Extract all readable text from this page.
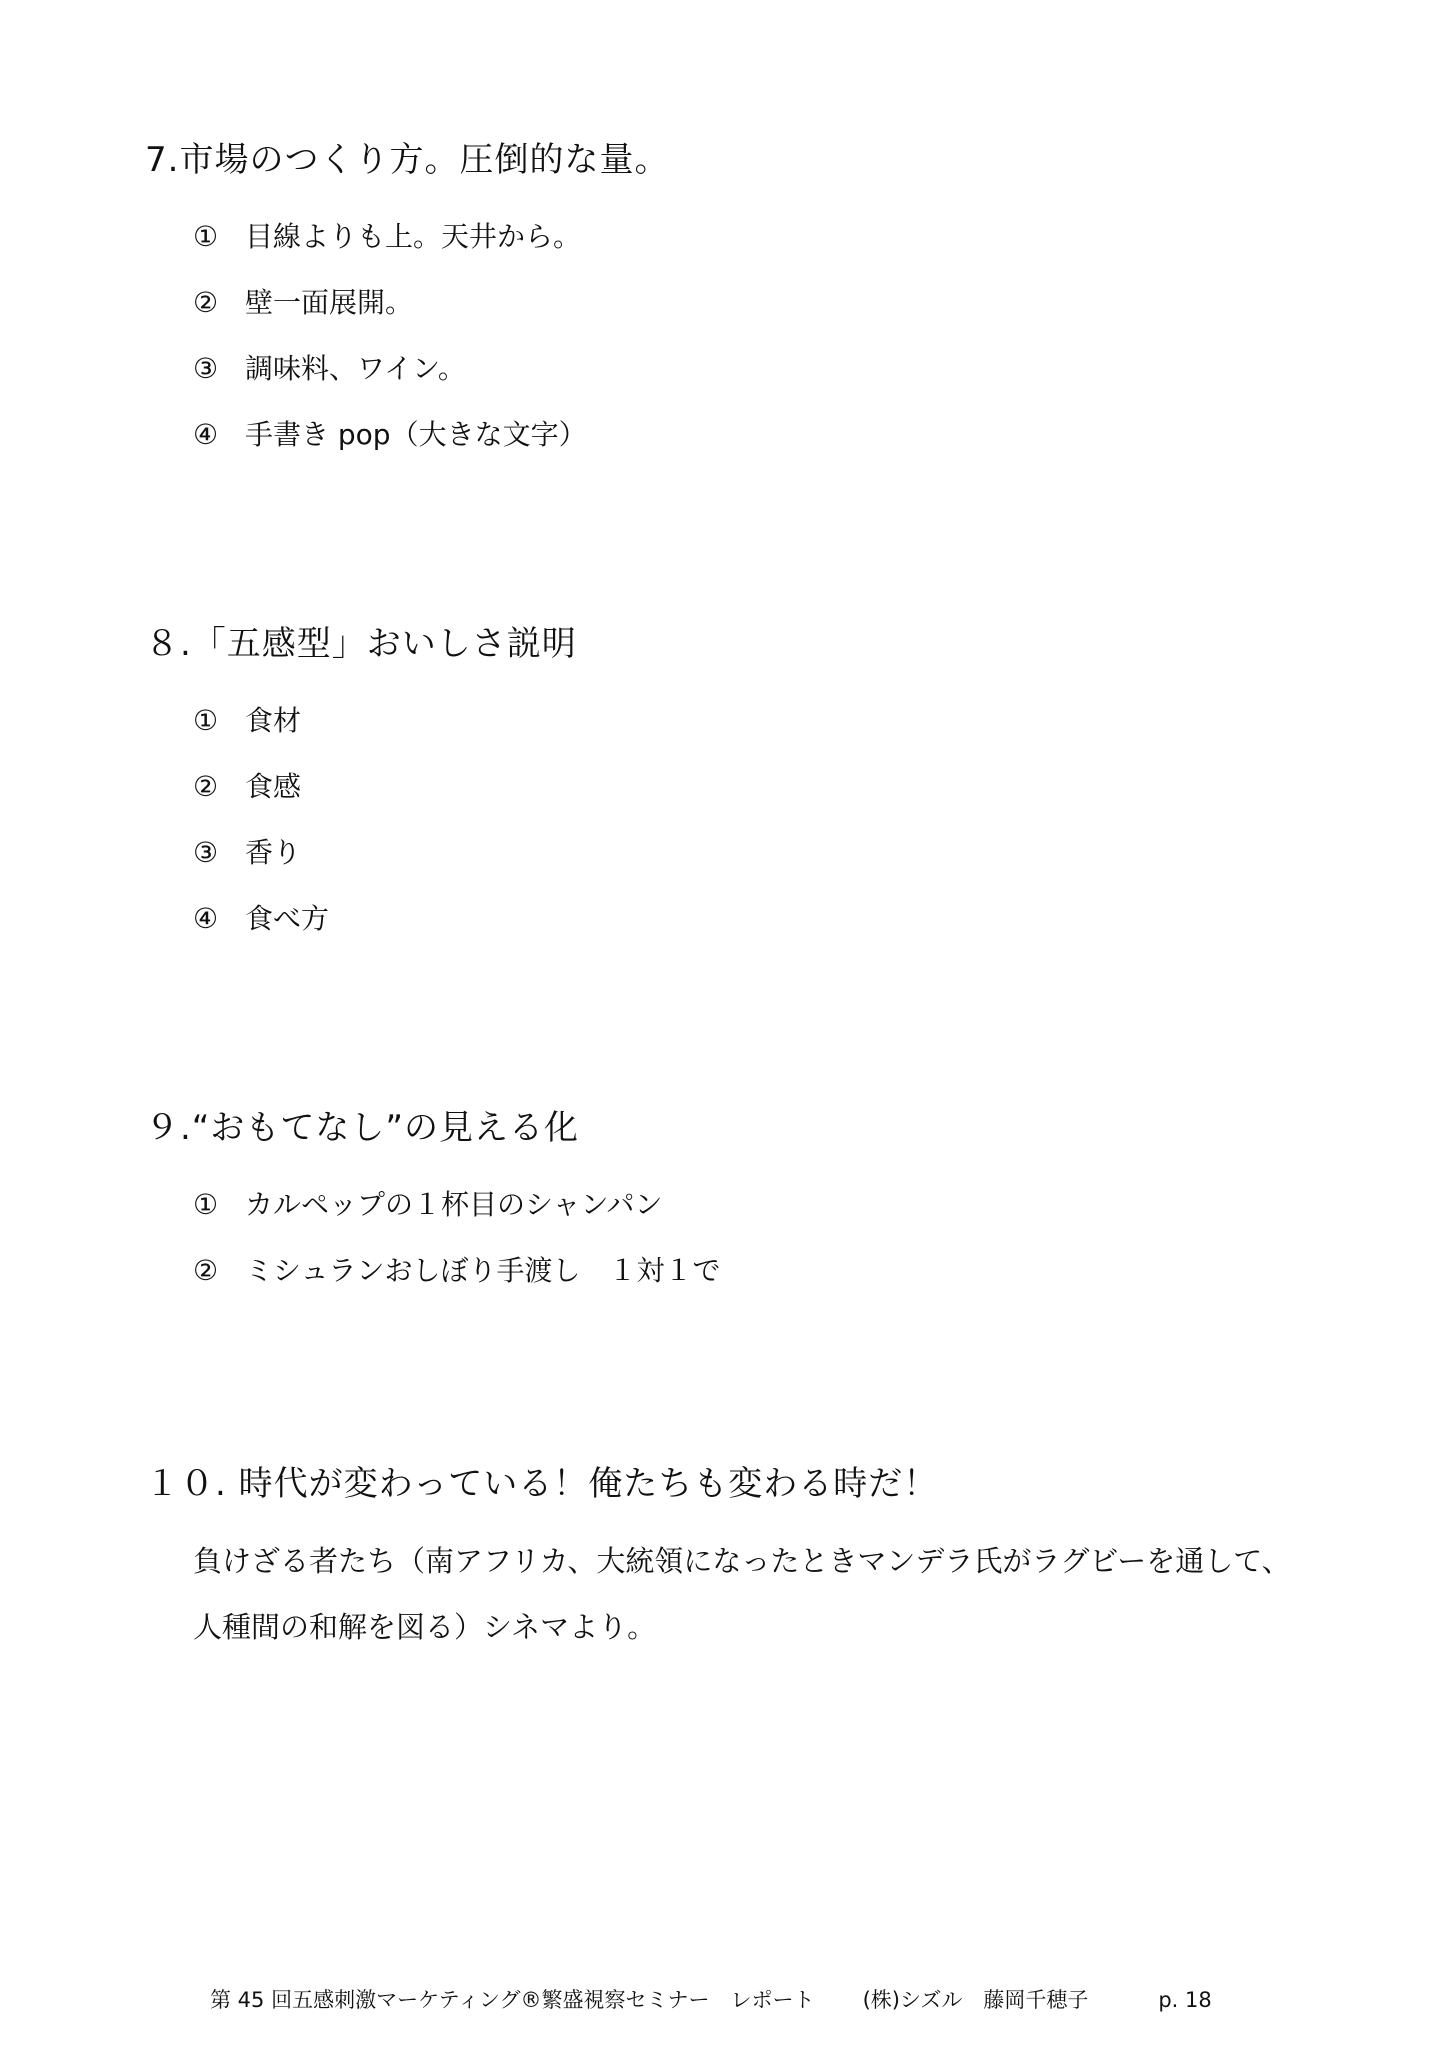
7.市場のつくり方。圧倒的な量。
① 目線よりも上。天井から。
② 壁一面展開。
③ 調味料、ワイン。
④ 手書き pop（大きな文字）
８.「五感型」おいしさ説明
① 食材
② 食感
③ 香り
④ 食べ方
９.“おもてなし”の見える化
① カルペップの１杯目のシャンパン
② ミシュランおしぼり手渡し　１対１で
１０. 時代が変わっている！俺たちも変わる時だ！
負けざる者たち（南アフリカ、大統領になったときマンデラ氏がラグビーを通して、
人種間の和解を図る）シネマより。
第 45 回五感刺激マーケティング®繁盛視察セミナー　レポート (株)シズル　藤岡千穂子	p. 18
